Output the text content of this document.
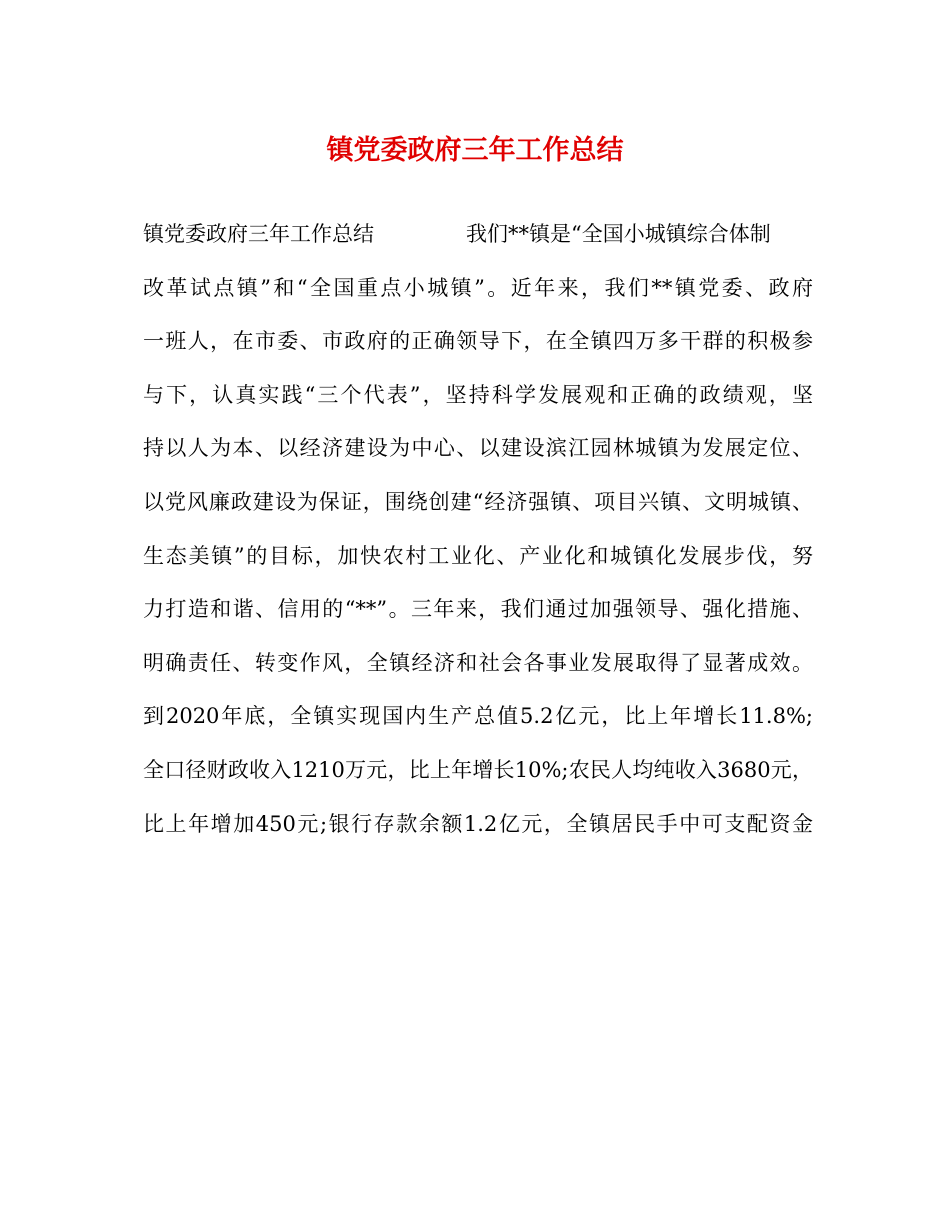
镇党委政府三年工作总结
镇党委政府三年工作总结	我们**镇是“全国小城镇综合体制
改革试点镇”和“全国重点小城镇”。近年来，我们**镇党委、政府
一班人，在市委、市政府的正确领导下，在全镇四万多干群的积极参
与下，认真实践“三个代表”，坚持科学发展观和正确的政绩观，坚
持以人为本、以经济建设为中心、以建设滨江园林城镇为发展定位、
以党风廉政建设为保证，围绕创建“经济强镇、项目兴镇、文明城镇、
生态美镇”的目标，加快农村工业化、产业化和城镇化发展步伐，努
力打造和谐、信用的“**”。三年来，我们通过加强领导、强化措施、
明确责任、转变作风，全镇经济和社会各事业发展取得了显著成效。
到2020年底，全镇实现国内生产总值5.2亿元，比上年增长11.8%;
全口径财政收入1210万元，比上年增长10%;农民人均纯收入3680元，
比上年增加450元;银行存款余额1.2亿元，全镇居民手中可支配资金
